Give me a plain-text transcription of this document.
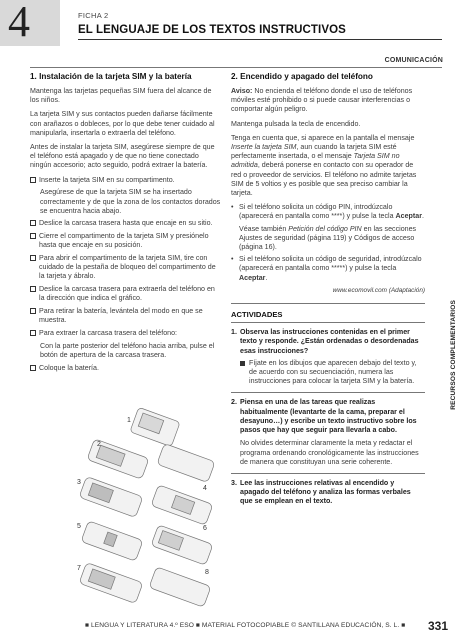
4	FICHA 2
EL LENGUAJE DE LOS TEXTOS INSTRUCTIVOS
COMUNICACIÓN
1. Instalación de la tarjeta SIM y la batería

Mantenga las tarjetas pequeñas SIM fuera del alcance de los niños.

La tarjeta SIM y sus contactos pueden dañarse fácilmente con arañazos o dobleces, por lo que debe tener cuidado al manipularla, insertarla o extraerla del teléfono.

Antes de instalar la tarjeta SIM, asegúrese siempre de que el teléfono está apagado y de que no tiene conectado ningún accesorio; acto seguido, podrá extraer la batería.

Inserte la tarjeta SIM en su compartimento.
Asegúrese de que la tarjeta SIM se ha insertado correctamente y de que la zona de los contactos dorados se encuentra hacia abajo.
Deslice la carcasa trasera hasta que encaje en su sitio.
Cierre el compartimento de la tarjeta SIM y presiónelo hasta que encaje en su posición.
Para abrir el compartimento de la tarjeta SIM, tire con cuidado de la pestaña de bloqueo del compartimento de la tarjeta y ábralo.
Deslice la carcasa trasera para extraerla del teléfono en la dirección que indica el gráfico.
Para retirar la batería, levántela del modo en que se muestra.
Para extraer la carcasa trasera del teléfono:
Con la parte posterior del teléfono hacia arriba, pulse el botón de apertura de la carcasa trasera.
Coloque la batería.
1
2
3
4
5	6
7
8
2. Encendido y apagado del teléfono

Aviso: No encienda el teléfono donde el uso de teléfonos móviles esté prohibido o si puede causar interferencias o comportar algún peligro.

Mantenga pulsada la tecla de encendido.

Tenga en cuenta que, si aparece en la pantalla el mensaje Inserte la tarjeta SIM, aun cuando la tarjeta SIM esté perfectamente insertada, o el mensaje Tarjeta SIM no admitida, deberá ponerse en contacto con su operador de red o proveedor de servicios. El teléfono no admite tarjetas SIM de 5 voltios y es posible que sea preciso cambiar la tarjeta.

• Si el teléfono solicita un código PIN, introdúzcalo (aparecerá en pantalla como ****) y pulse la tecla Aceptar.
Véase también Petición del código PIN en las secciones Ajustes de seguridad (página 119) y Códigos de acceso (página 16).
• Si el teléfono solicita un código de seguridad, introdúzcalo (aparecerá en pantalla como *****) y pulse la tecla Aceptar.
www.ecomovil.com (Adaptación)
ACTIVIDADES
1. Observa las instrucciones contenidas en el primer texto y responde. ¿Están ordenadas o desordenadas esas instrucciones?
Fíjate en los dibujos que aparecen debajo del texto y, de acuerdo con su secuenciación, numera las instrucciones para colocar la tarjeta SIM y la batería.
2. Piensa en una de las tareas que realizas habitualmente (levantarte de la cama, preparar el desayuno…) y escribe un texto instructivo sobre los pasos que hay que seguir para llevarla a cabo.
No olvides determinar claramente la meta y redactar el programa ordenando cronológicamente las instrucciones de manera que constituyan una serie coherente.
3. Lee las instrucciones relativas al encendido y apagado del teléfono y analiza las formas verbales que se emplean en el texto.
RECURSOS COMPLEMENTARIOS
■ LENGUA Y LITERATURA 4.º ESO ■ MATERIAL FOTOCOPIABLE © SANTILLANA EDUCACIÓN, S. L. ■ 331
